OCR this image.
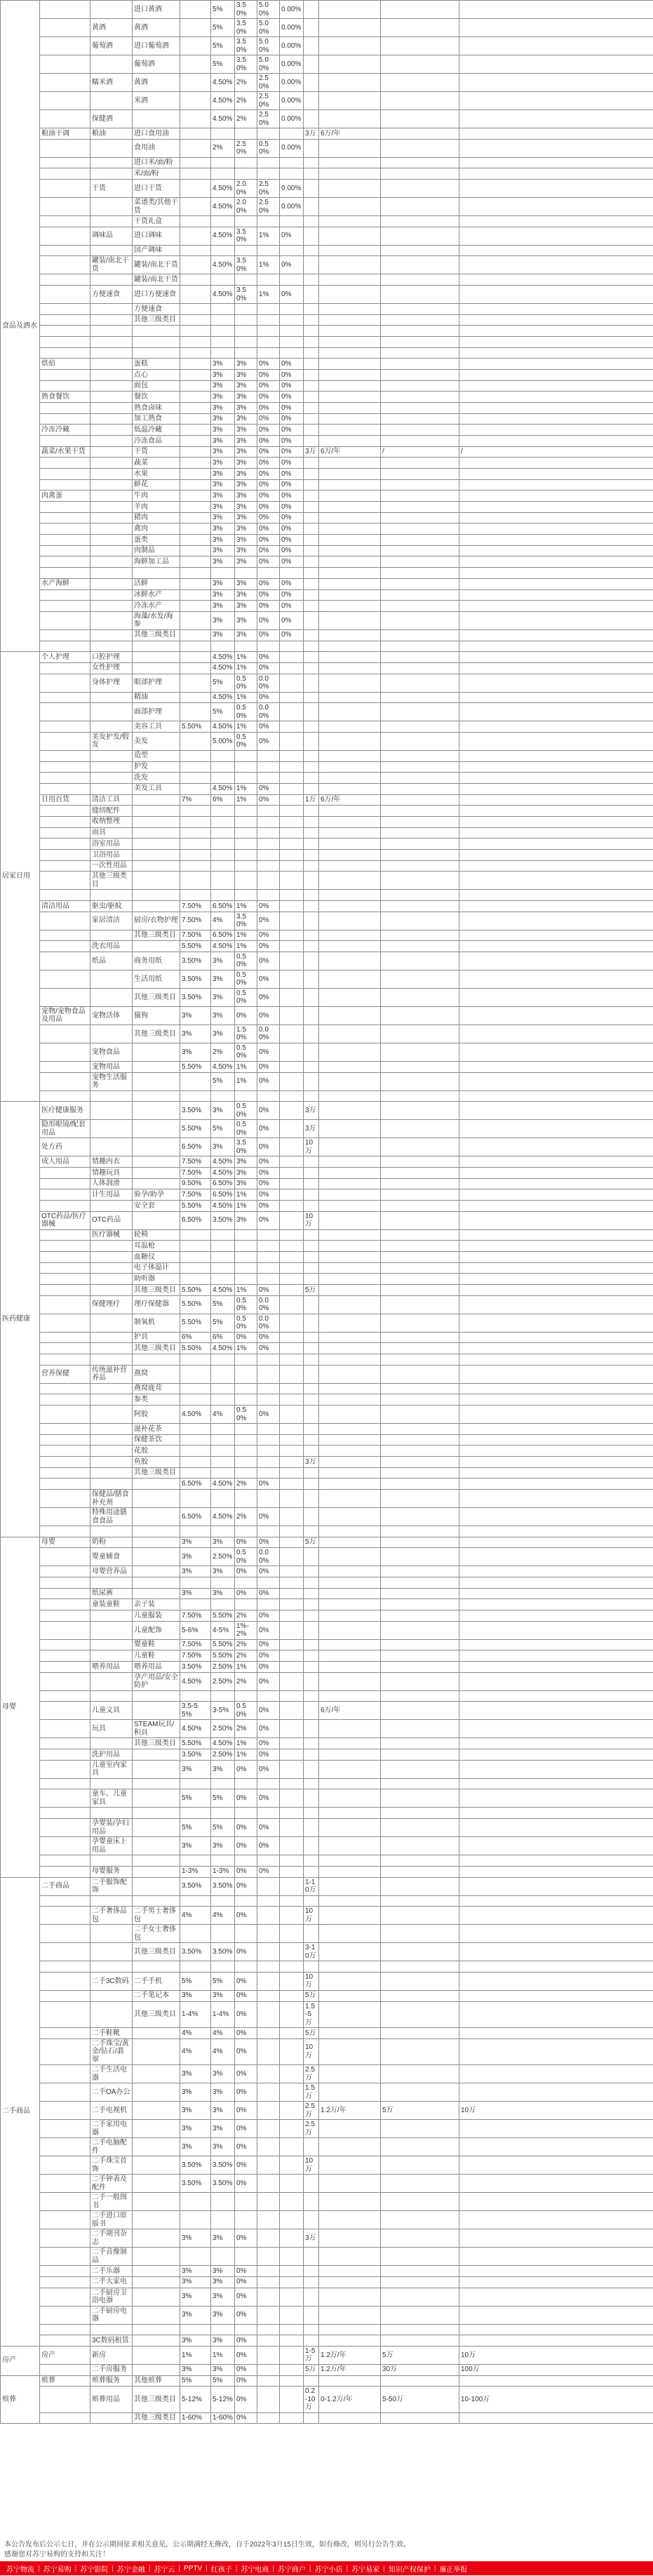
食品及酒水			进口黄酒		5%	3.50%	5.00%	0.00%				
		黄酒	黄酒		5%	3.50%	5.00%	0.00%				
		葡萄酒	进口葡萄酒		5%	3.50%	5.00%	0.00%				
			葡萄酒		5%	3.50%	5.00%	0.00%				
		糯米酒	黄酒		4.50%	2%	2.50%	0.00%				
			米酒		4.50%	2%	2.50%	0.00%				
		保健酒			4.50%	2%	2.50%	0.00%				
	粮油干调	粮油	进口食用油						3万	6万/年		
			食用油		2%	2.50%	0.50%	0.00%				
			进口米/面/粉									
			米/面/粉									
		干货	进口干货		4.50%	2.00%	2.50%	0.00%				
			菜谱类/其他干货		4.50%	2.00%	2.50%	0.00%				
			干货礼盒									
		调味品	进口调味		4.50%	3.50%	1%	0%				
			国产调味									
		罐装/南北干货	罐装/南北干货		4.50%	3.50%	1%	0%				
			罐装/南北干货									
		方便速食	进口方便速食		4.50%	3.50%	1%	0%				
			方便速食									
			其他三级类目									

	烘焙		蛋糕		3%	3%	0%	0%				
			点心		3%	3%	0%	0%				
			面包		3%	3%	0%	0%				
	熟食餐饮		餐饮		3%	3%	0%	0%				
			熟食卤味		3%	3%	0%	0%				
			加工熟食		3%	3%	0%	0%				
	冷冻冷藏		低温冷藏		3%	3%	0%	0%				
			冷冻食品		3%	3%	0%	0%				
	蔬菜/水果干货		干货		3%	3%	0%	0%	3万	6万/年	/	/
			蔬菜		3%	3%	0%	0%				
			水果		3%	3%	0%	0%				
			鲜花		3%	3%	0%	0%				
	肉禽蛋		牛肉		3%	3%	0%	0%				
			羊肉		3%	3%	0%	0%				
			猪肉		3%	3%	0%	0%				
			禽肉		3%	3%	0%	0%				
			蛋类		3%	3%	0%	0%				
			肉制品		3%	3%	0%	0%				
			海鲜加工品		3%	3%	0%	0%				

	水产海鲜		活鲜		3%	3%	0%	0%				
			冰鲜水产		3%	3%	0%	0%				
			冷冻水产		3%	3%	0%	0%				
			海藻/水发/海参		3%	3%	0%	0%				
			其他三级类目		3%	3%	0%	0%				

居家日用	个人护理	口腔护理			4.50%	1%	0%					
		女性护理			4.50%	1%	0%					
		身体护理	眼部护理		5%	0.50%	0.00%					
			精油		4.50%	1%	0%					
			面部护理		5%	0.50%	0.00%					
			美容工具	5.50%	4.50%	1%	0%					
		美发护发/假发	美发		5.00%	0.50%	0%					
			造型									
			护发									
			洗发									
			美发工具		4.50%	1%	0%					
	日用百货	清洁工具		7%	6%	1%	0%		1万	6万/年		
		缝纫配件										
		收纳整理										
		雨具										
		浴室用品										
		卫浴用品										
		一次性用品										
		其他三级类目										

	清洁用品	驱虫/驱蚊		7.50%	6.50%	1%	0%					
		家居清洁	厨房/衣物护理	7.50%	4%	3.50%	0%					
			其他三级类目	7.50%	6.50%	1%	0%					
		洗衣用品		5.50%	4.50%	1%	0%					
		纸品	商务用纸	3.50%	3%	0.50%	0%					
			生活用纸	3.50%	3%	0.50%	0%					
			其他三级类目	3.50%	3%	0.50%	0%					
	宠物/宠物食品及用品	宠物活体	猫狗	3%	3%	0%	0%					
			其他三级类目	3%	3%	1.50%	0.00%					
		宠物食品		3%	2%	0.50%	0%					
		宠物用品		5.50%	4.50%	1%	0%					
		宠物生活服务			5%	1%	0%					

医药健康	医疗健康服务			3.50%	3%	0.50%	0%		3万			
	隐形眼镜/配套用品			5.50%	5%	0.50%	0%		3万			
	处方药			6.50%	3%	3.50%	0%		10万			
	成人用品	情趣内衣		7.50%	4.50%	3%	0%					
		情趣玩具		7.50%	4.50%	3%	0%					
		人体润滑		9.50%	6.50%	3%	0%					
		计生用品	验孕/助孕	7.50%	6.50%	1%	0%					
			安全套	5.50%	4.50%	1%	0%					
	OTC药品/医疗器械	OTC药品		6.50%	3.50%	3%	0%		10万			
		医疗器械	轮椅									
			耳温枪									
			血糖仪									
			电子体温计									
			助听器									
			其他三级类目	5.50%	4.50%	1%	0%		5万			
		保健理疗	理疗保健器	5.50%	5%	0.50%	0.00%					
			制氧机	5.50%	5%	0.50%	0.00%					
			护具	6%	6%	0%	0%					
			其他三级类目	5.50%	4.50%	1%	0%					

	营养保健	传统滋补营养品	燕窝									
			燕窝鹿茸									
			参类									
			阿胶	4.50%	4%	0.50%	0%					
			滋补花茶									
			保健茶饮									
			花胶									
			鱼胶						3万			
			其他三级类目									
				6.50%	4.50%	2%	0%					
		保健品/膳食补充剂										
		特殊用途膳食食品		6.50%	4.50%	2%	0%					

母婴	母婴	奶粉		3%	3%	0%	0%		5万			
		婴童辅食		3%	2.50%	0.50%	0.00%					
		母婴营养品		3%	3%	0%	0%					

		纸尿裤		3%	3%	0%	0%					
		童装童鞋	亲子装									
			儿童服装	7.50%	5.50%	2%	0%					
			儿童配饰	5-6%	4-5%	1%-2%	0%					
			婴童鞋	7.50%	5.50%	2%	0%					
			儿童鞋	7.50%	5.50%	2%	0%					
		喂养用品	喂养用品	3.50%	2.50%	1%	0%					
			孕产用品/安全防护	4.50%	2.50%	2%	0%					

		儿童文具		3.5-5.5%	3-5%	0.50%	0%			6万/年		
		玩具	STEAM玩具/积具	4.50%	2.50%	2%	0%					
			其他三级类目	5.50%	4.50%	1%	0%					
		洗护用品		3.50%	2.50%	1%	0%					
		儿童室内家具		3%	3%	0%	0%					

		童车、儿童家具		5%	5%	0%	0%					

		孕婴装/孕妇用品		5%	5%	0%	0%					
		孕婴童床上用品		3%	3%	0%	0%					

		母婴服务		1-3%	1-3%	0%	0%					
二手商品	二手商品	二手服饰配饰		3.50%	3.50%	0%			1-10万			

		二手奢侈品包	二手男士奢侈包	4%	4%	0%			10万			
			二手女士奢侈包									
			其他三级类目	3.50%	3.50%	0%			3-10万			

		二手3C数码	二手手机	5%	5%	0%			10万			
			二手笔记本	3%	3%	0%			5万			
			其他三级类目	1-4%	1-4%	0%			1.5-5万			
		二手鞋靴		4%	4%	0%			5万			
		二手珠宝/黄金/钻石/翡翠		4%	4%	0%			10万			
		二手生活电器		3%	3%	0%			2.5万			
		二手OA办公		3%	3%	0%			1.5万			
		二手电视机		3%	3%	0%			2.5万	1.2万/年	5万	10万
		二手家用电器		3%	3%	0%			2.5万			
		二手电脑配件		3%	3%	0%						
		二手珠宝首饰		3.50%	3.50%	0%			10万			
		二手钟表及配件		3.50%	3.50%	0%						
		二手一般图书										
		二手进口原版书										
		二手期刊杂志		3%	3%	0%			3万			
		二手音像制品										
		二手乐器		3%	3%	0%						
		二手大家电		3%	3%	0%						
		二手厨房卫浴电器		3%	3%	0%						
		二手厨房电器		3%	3%	0%						

		3C数码租赁		3%	3%	0%						
房产	房产	新房		1%	1%	0%			1-5万	1.2万/年	5万	10万
		二手房服务		3%	3%	0%			5万	1.2万/年	30万	100万
殡葬	殡葬	殡葬服务	其他殡葬	5%	5%	0%						
		殡葬用品	其他三级类目	5-12%	5-12%	0%			0.2-10万	0-1.2万/年	5-50万	10-100万
			其他三级类目	1-60%	1-60%	0%						
本公告发布后公示七日，并在公示期间征求相关意见，公示期满经无修改，自于2022年3月15日生效，如有修改，则另行公告生效。
感谢您对苏宁易购的支持和关注！
苏宁物流 | 苏宁易购 | 苏宁影院 | 苏宁金融 | 苏宁云 | PPTV | 红孩子 | 苏宁电商 | 苏宁商户 | 苏宁小店 | 苏宁易家 | 知识产权保护 | 廉正举报
